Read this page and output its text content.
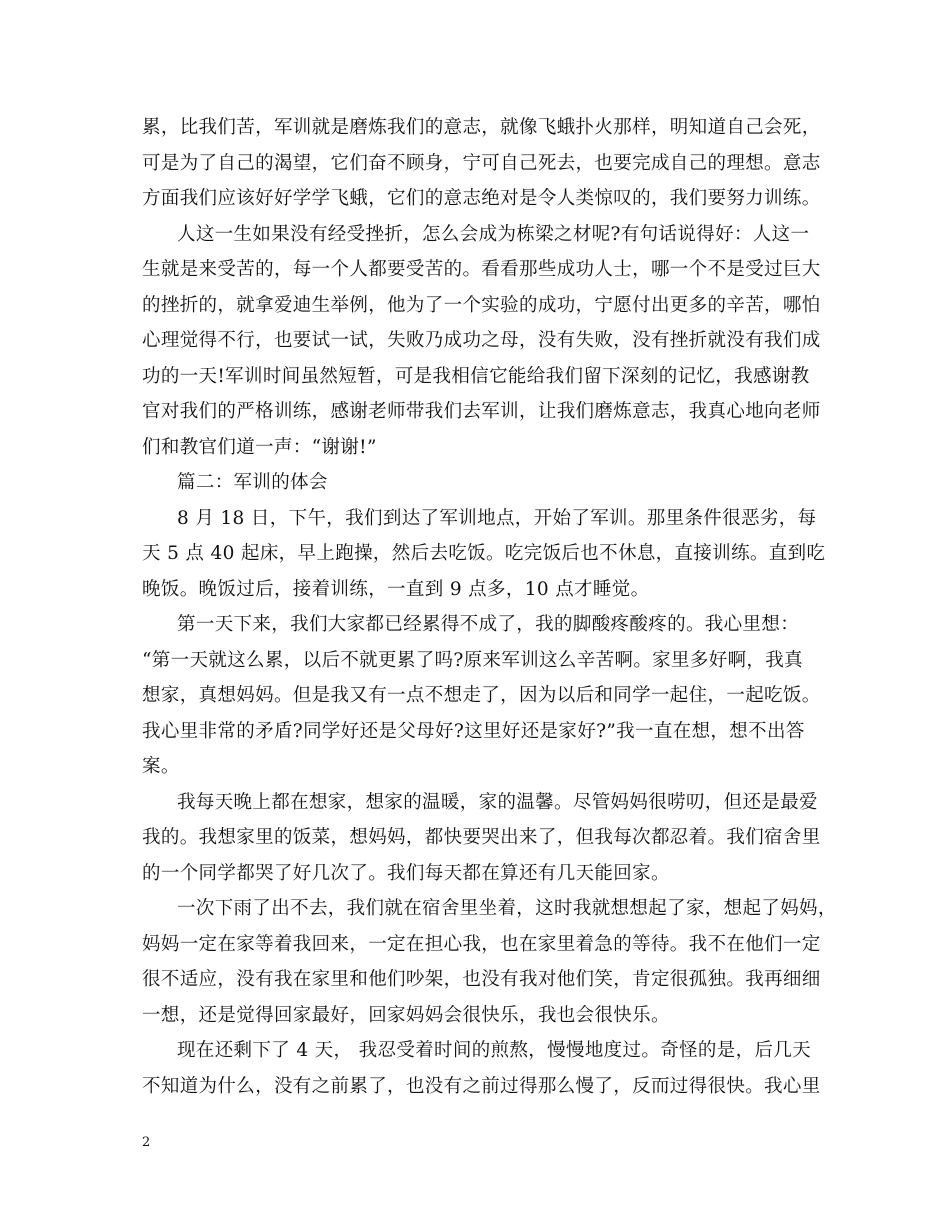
累，比我们苦，军训就是磨炼我们的意志，就像飞蛾扑火那样，明知道自己会死，
可是为了自己的渴望，它们奋不顾身，宁可自己死去，也要完成自己的理想。意志
方面我们应该好好学学飞蛾，它们的意志绝对是令人类惊叹的，我们要努力训练。
人这一生如果没有经受挫折，怎么会成为栋梁之材呢?有句话说得好：人这一
生就是来受苦的，每一个人都要受苦的。看看那些成功人士，哪一个不是受过巨大
的挫折的，就拿爱迪生举例，他为了一个实验的成功，宁愿付出更多的辛苦，哪怕
心理觉得不行，也要试一试，失败乃成功之母，没有失败，没有挫折就没有我们成
功的一天!军训时间虽然短暂，可是我相信它能给我们留下深刻的记忆，我感谢教
官对我们的严格训练，感谢老师带我们去军训，让我们磨炼意志，我真心地向老师
们和教官们道一声：“谢谢!”
篇二：军训的体会
8 月 18 日，下午，我们到达了军训地点，开始了军训。那里条件很恶劣，每
天 5 点 40 起床，早上跑操，然后去吃饭。吃完饭后也不休息，直接训练。直到吃
晚饭。晚饭过后，接着训练，一直到 9 点多，10 点才睡觉。
第一天下来，我们大家都已经累得不成了，我的脚酸疼酸疼的。我心里想：
“第一天就这么累，以后不就更累了吗?原来军训这么辛苦啊。家里多好啊，我真
想家，真想妈妈。但是我又有一点不想走了，因为以后和同学一起住，一起吃饭。
我心里非常的矛盾?同学好还是父母好?这里好还是家好?”我一直在想，想不出答
案。
我每天晚上都在想家，想家的温暖，家的温馨。尽管妈妈很唠叨，但还是最爱
我的。我想家里的饭菜，想妈妈，都快要哭出来了，但我每次都忍着。我们宿舍里
的一个同学都哭了好几次了。我们每天都在算还有几天能回家。
一次下雨了出不去，我们就在宿舍里坐着，这时我就想想起了家，想起了妈妈，
妈妈一定在家等着我回来，一定在担心我，也在家里着急的等待。我不在他们一定
很不适应，没有我在家里和他们吵架，也没有我对他们笑，肯定很孤独。我再细细
一想，还是觉得回家最好，回家妈妈会很快乐，我也会很快乐。
现在还剩下了 4 天， 我忍受着时间的煎熬，慢慢地度过。奇怪的是，后几天
不知道为什么，没有之前累了，也没有之前过得那么慢了，反而过得很快。我心里
2
